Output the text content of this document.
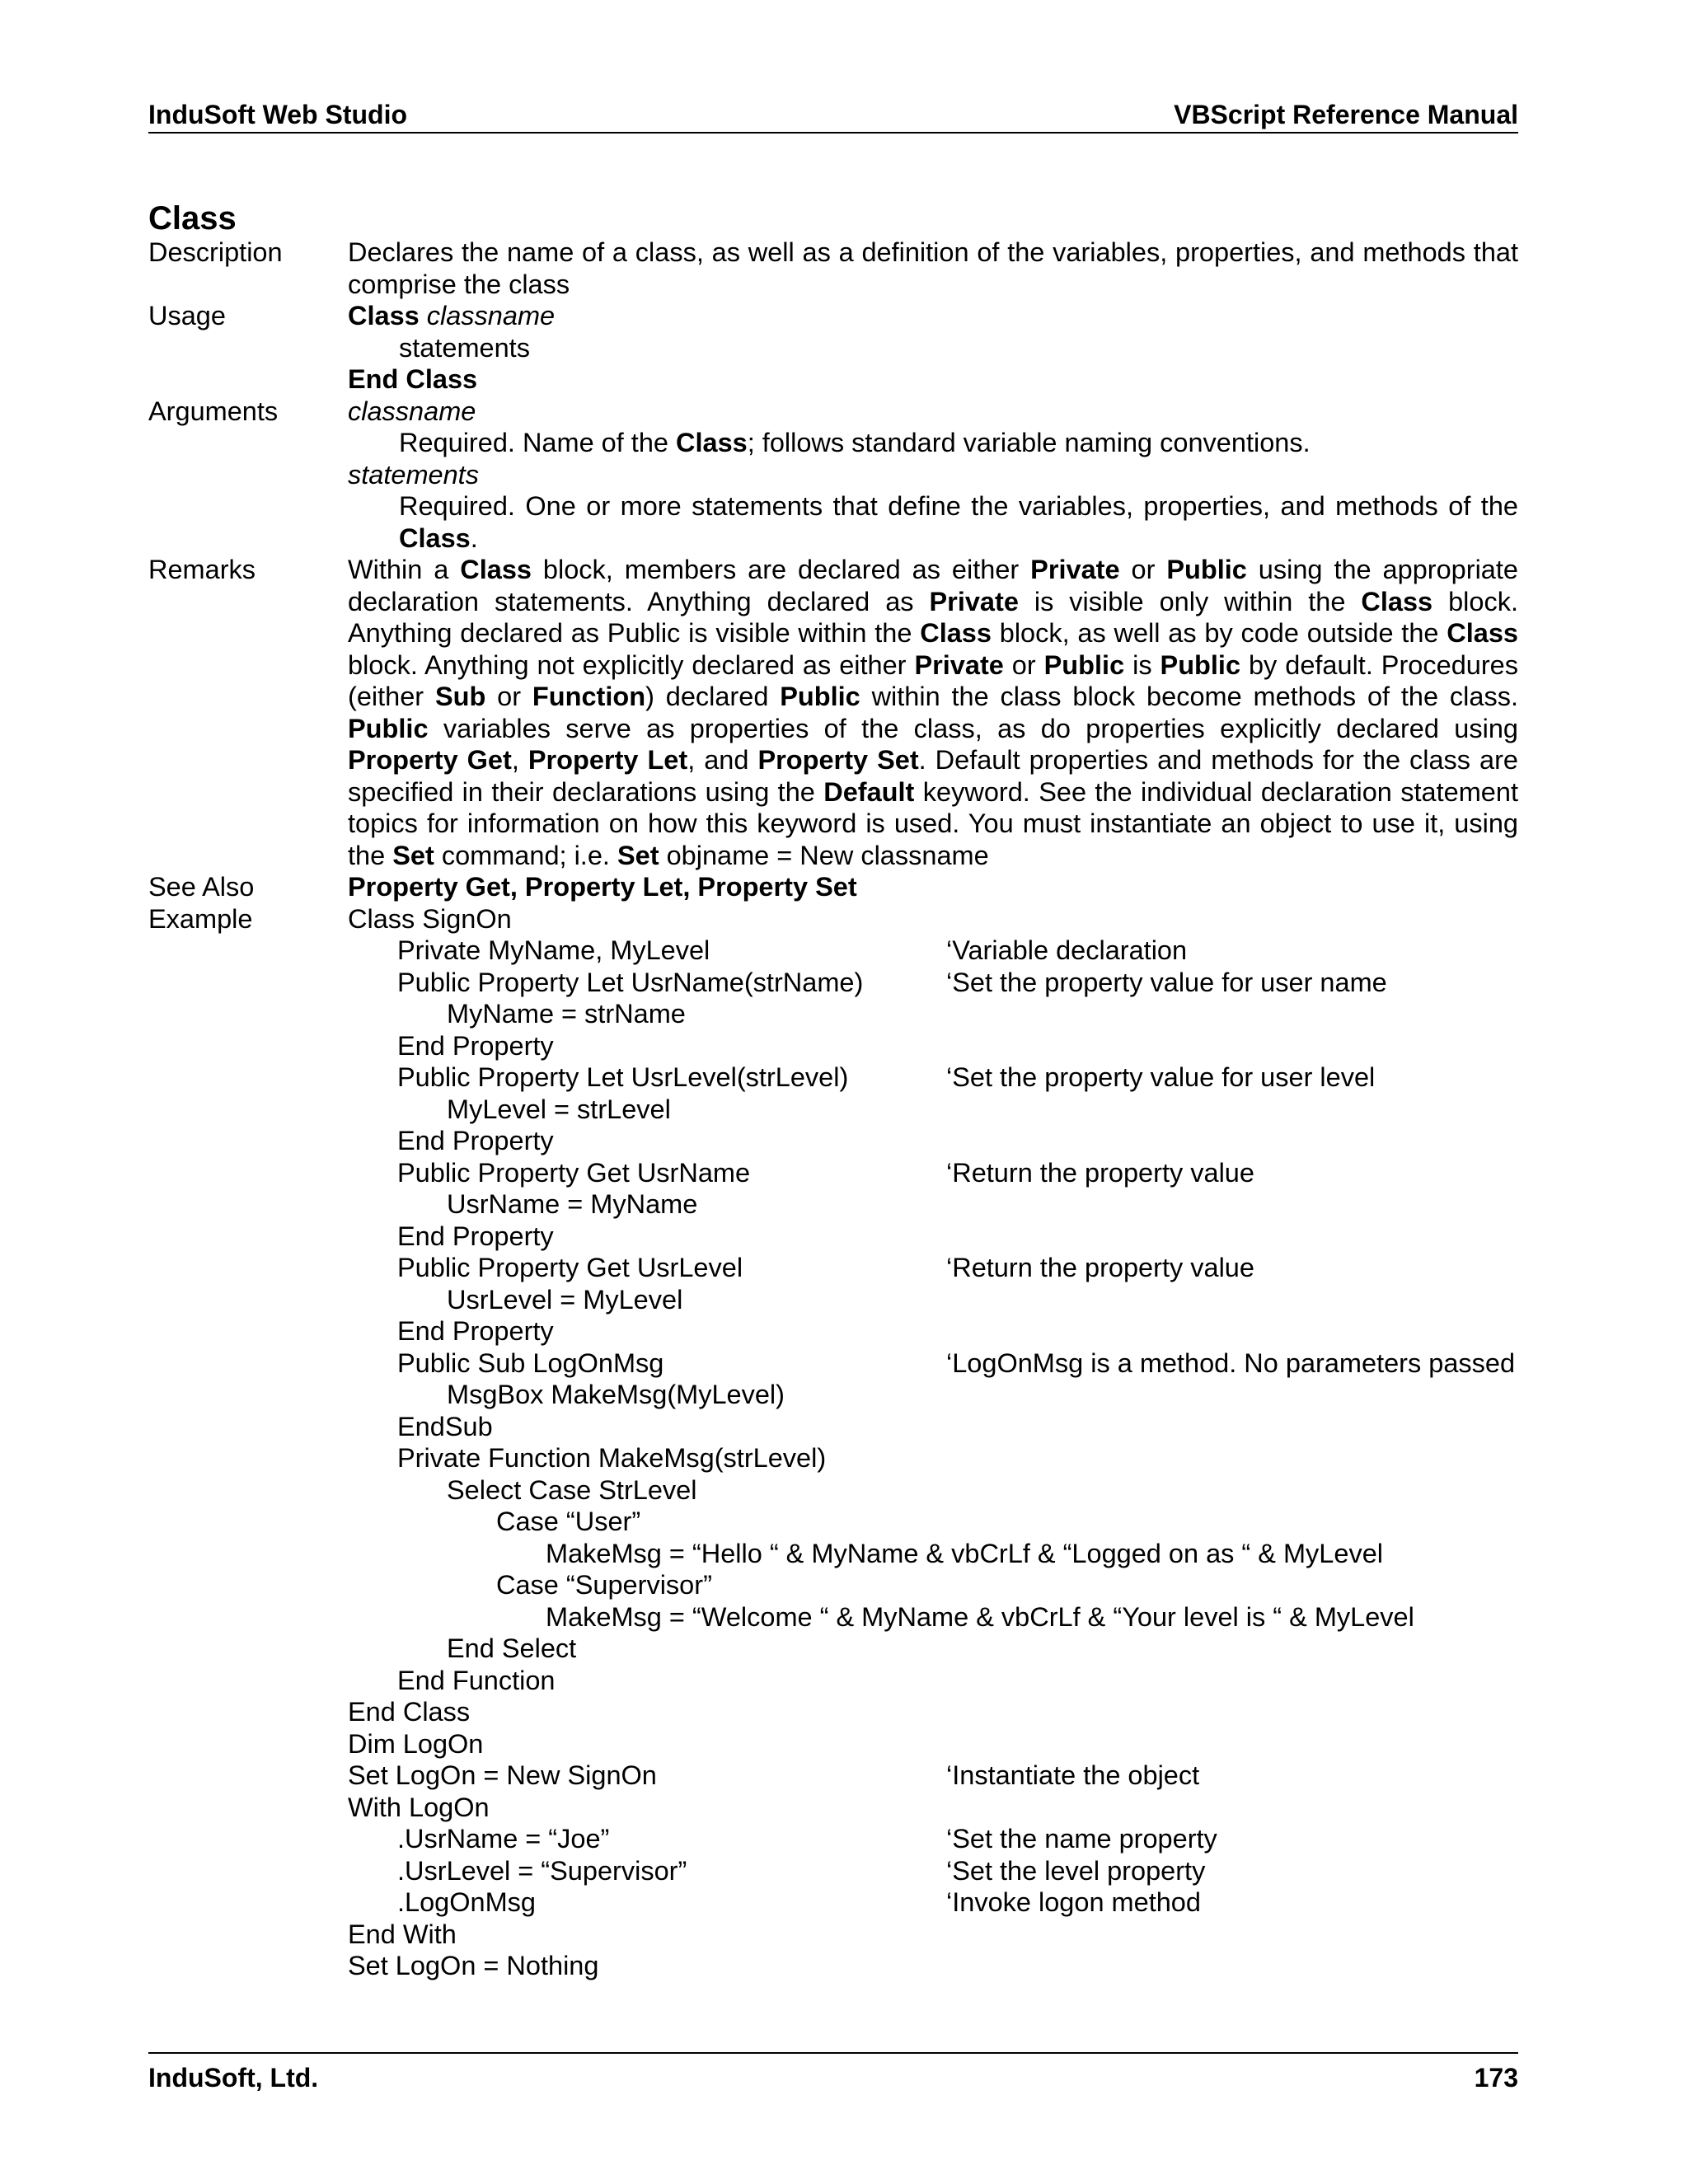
InduSoft Web Studio	VBScript Reference Manual
Class
Description	Declares the name of a class, as well as a definition of the variables, properties, and methods that comprise the class
Usage	Class classname
statements
End Class
Arguments	classname
Required. Name of the Class; follows standard variable naming conventions.
statements
Required. One or more statements that define the variables, properties, and methods of the Class.
Remarks	Within a Class block, members are declared as either Private or Public using the appropriate declaration statements. Anything declared as Private is visible only within the Class block. Anything declared as Public is visible within the Class block, as well as by code outside the Class block. Anything not explicitly declared as either Private or Public is Public by default. Procedures (either Sub or Function) declared Public within the class block become methods of the class. Public variables serve as properties of the class, as do properties explicitly declared using Property Get, Property Let, and Property Set. Default properties and methods for the class are specified in their declarations using the Default keyword. See the individual declaration statement topics for information on how this keyword is used. You must instantiate an object to use it, using the Set command; i.e. Set objname = New classname
See Also	Property Get, Property Let, Property Set
Example	Class SignOn
Private MyName, MyLevel	‘Variable declaration
Public Property Let UsrName(strName)	‘Set the property value for user name
MyName = strName
End Property
Public Property Let UsrLevel(strLevel)	‘Set the property value for user level
MyLevel = strLevel
End Property
Public Property Get UsrName	‘Return the property value
UsrName = MyName
End Property
Public Property Get UsrLevel	‘Return the property value
UsrLevel = MyLevel
End Property
Public Sub LogOnMsg	‘LogOnMsg is a method. No parameters passed
MsgBox MakeMsg(MyLevel)
EndSub
Private Function MakeMsg(strLevel)
Select Case StrLevel
Case “User”
MakeMsg = “Hello “ & MyName & vbCrLf & “Logged on as “ & MyLevel
Case “Supervisor”
MakeMsg = “Welcome “ & MyName & vbCrLf & “Your level is “ & MyLevel
End Select
End Function
End Class
Dim LogOn
Set LogOn = New SignOn	‘Instantiate the object
With LogOn
.UsrName = “Joe”	‘Set the name property
.UsrLevel = “Supervisor”	‘Set the level property
.LogOnMsg	‘Invoke logon method
End With
Set LogOn = Nothing
InduSoft, Ltd.	173
